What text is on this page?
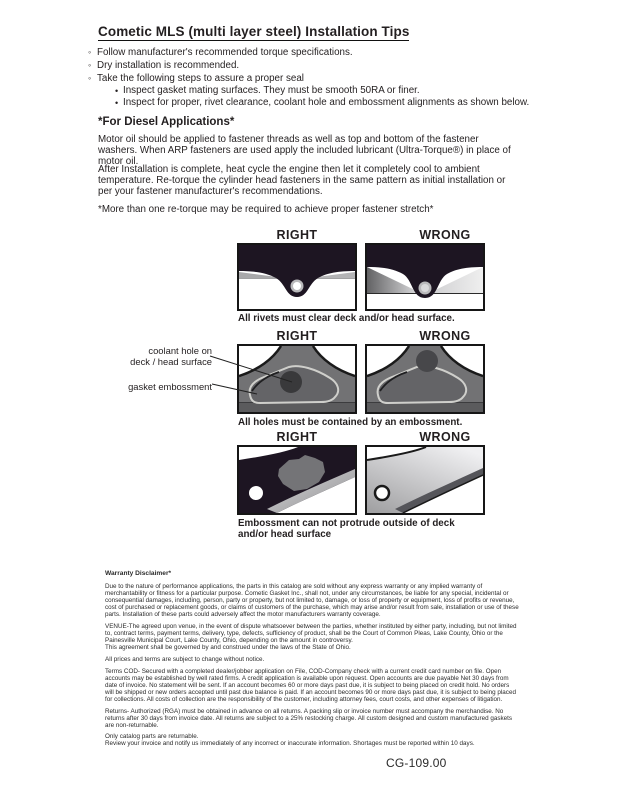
Cometic MLS (multi layer steel) Installation Tips
◦ Follow manufacturer's recommended torque specifications.
◦ Dry installation is recommended.
◦ Take the following steps to assure a proper seal
• Inspect gasket mating surfaces. They must be smooth 50RA or finer.
• Inspect for proper, rivet clearance, coolant hole and embossment alignments as shown below.
*For Diesel Applications*
Motor oil should be applied to fastener threads as well as top and bottom of the fastener washers. When ARP fasteners are used apply the included lubricant (Ultra-Torque®) in place of motor oil.
After Installation is complete, heat cycle the engine then let it completely cool to ambient temperature. Re-torque the cylinder head fasteners in the same pattern as initial installation or per your fastener manufacturer's recommendations.
*More than one re-torque may be required to achieve proper fastener stretch*
RIGHT	WRONG
All rivets must clear deck and/or head surface.
RIGHT	WRONG
coolant hole on
deck / head surface
gasket embossment
All holes must be contained by an embossment.
RIGHT	WRONG
Embossment can not protrude outside of deck
and/or head surface
Warranty Disclaimer*

Due to the nature of performance applications, the parts in this catalog are sold without any express warranty or any implied warranty of merchantability or fitness for a particular purpose. Cometic Gasket Inc., shall not, under any circumstances, be liable for any special, incidental or consequential damages, including, person, party or property, but not limited to, damage, or loss of property or equipment, loss of profits or revenue, cost of purchased or replacement goods, or claims of customers of the purchase, which may arise and/or result from sale, installation or use of these parts. Installation of these parts could adversely affect the motor manufacturers warranty coverage.

VENUE-The agreed upon venue, in the event of dispute whatsoever between the parties, whether instituted by either party, including, but not limited to, contract terms, payment terms, delivery, type, defects, sufficiency of product, shall be the Court of Common Pleas, Lake County, Ohio or the Painesville Municipal Court, Lake County, Ohio, depending on the amount in controversy.
This agreement shall be governed by and construed under the laws of the State of Ohio.

All prices and terms are subject to change without notice.

Terms COD- Secured with a completed dealer/jobber application on File, COD-Company check with a current credit card number on file. Open accounts may be established by well rated firms. A credit application is available upon request. Open accounts are due payable Net 30 days from date of invoice. No statement will be sent. If an account becomes 60 or more days past due, it is subject to being placed on credit hold. No orders will be shipped or new orders accepted until past due balance is paid. If an account becomes 90 or more days past due, it is subject to being placed for collections. All costs of collection are the responsibility of the customer, including attorney fees, court costs, and other expenses of litigation.

Returns- Authorized (RGA) must be obtained in advance on all returns. A packing slip or invoice number must accompany the merchandise. No returns after 30 days from invoice date. All returns are subject to a 25% restocking charge. All custom designed and custom manufactured gaskets are non-returnable.

Only catalog parts are returnable.
Review your invoice and notify us immediately of any incorrect or inaccurate information. Shortages must be reported within 10 days.

CG-109.00
